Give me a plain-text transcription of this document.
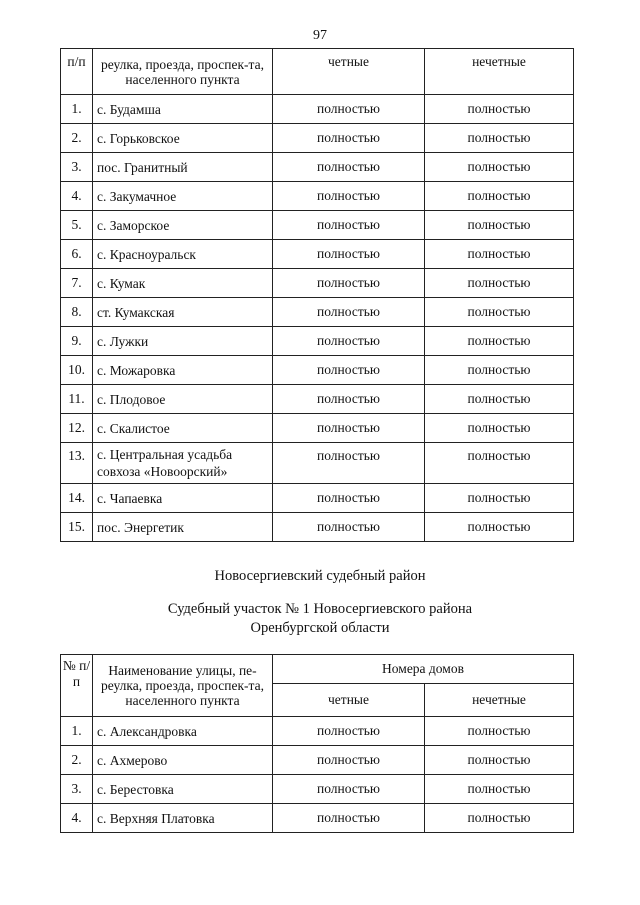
97
п/п	реулка, проезда, проспек-та, населенного пункта	четные	нечетные
1.	с. Будамша	полностью	полностью
2.	с. Горьковское	полностью	полностью
3.	пос. Гранитный	полностью	полностью
4.	с. Закумачное	полностью	полностью
5.	с. Заморское	полностью	полностью
6.	с. Красноуральск	полностью	полностью
7.	с. Кумак	полностью	полностью
8.	ст. Кумакская	полностью	полностью
9.	с. Лужки	полностью	полностью
10.	с. Можаровка	полностью	полностью
11.	с. Плодовое	полностью	полностью
12.	с. Скалистое	полностью	полностью
13.	с. Центральная усадьба совхоза «Новоорский»	полностью	полностью
14.	с. Чапаевка	полностью	полностью
15.	пос. Энергетик	полностью	полностью
Новосергиевский судебный район
Судебный участок № 1 Новосергиевского района
Оренбургской области
№ п/п	Наименование улицы, пе-реулка, проезда, проспек-та, населенного пункта	Номера домов	
		четные	нечетные
1.	с. Александровка	полностью	полностью
2.	с. Ахмерово	полностью	полностью
3.	с. Берестовка	полностью	полностью
4.	с. Верхняя Платовка	полностью	полностью
